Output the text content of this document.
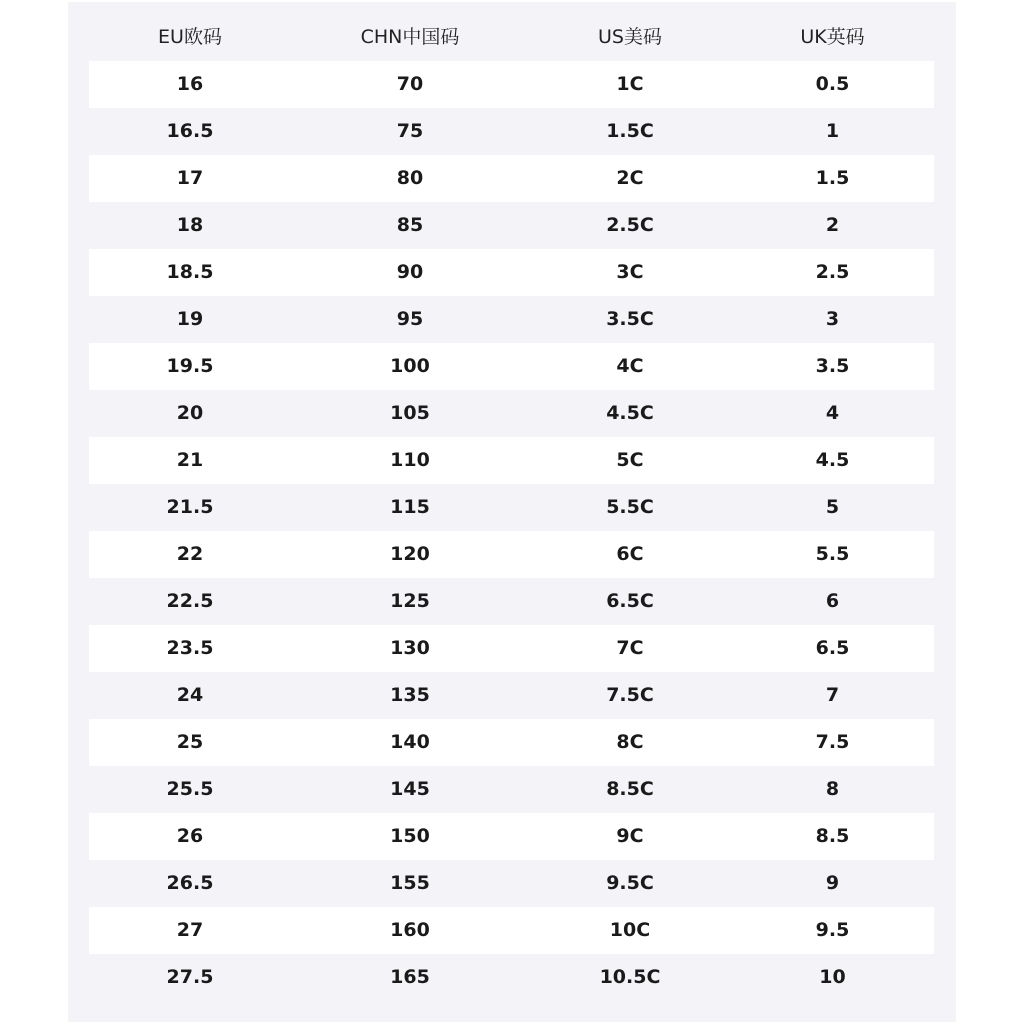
EU欧码	CHN中国码	US美码	UK英码
16	70	1C	0.5
16.5	75	1.5C	1
17	80	2C	1.5
18	85	2.5C	2
18.5	90	3C	2.5
19	95	3.5C	3
19.5	100	4C	3.5
20	105	4.5C	4
21	110	5C	4.5
21.5	115	5.5C	5
22	120	6C	5.5
22.5	125	6.5C	6
23.5	130	7C	6.5
24	135	7.5C	7
25	140	8C	7.5
25.5	145	8.5C	8
26	150	9C	8.5
26.5	155	9.5C	9
27	160	10C	9.5
27.5	165	10.5C	10
